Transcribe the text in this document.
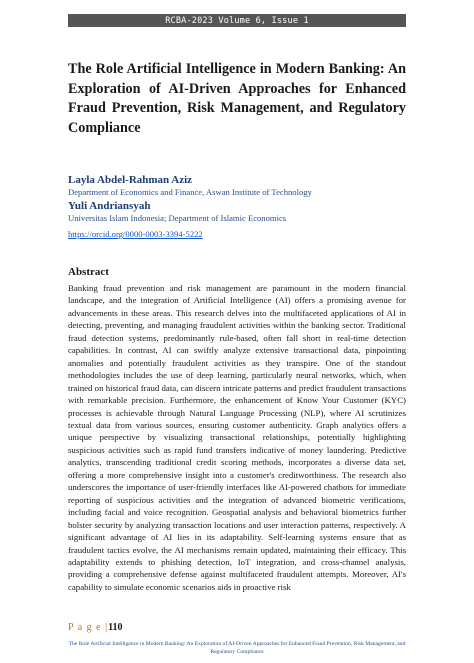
RCBA-2023 Volume 6, Issue 1
The Role Artificial Intelligence in Modern Banking: An Exploration of AI-Driven Approaches for Enhanced Fraud Prevention, Risk Management, and Regulatory Compliance
Layla Abdel-Rahman Aziz
Department of Economics and Finance, Aswan Institute of Technology
Yuli Andriansyah
Universitas Islam Indonesia; Department of Islamic Economics
https://orcid.org/0000-0003-3394-5222
Abstract

Banking fraud prevention and risk management are paramount in the modern financial landscape, and the integration of Artificial Intelligence (AI) offers a promising avenue for advancements in these areas. This research delves into the multifaceted applications of AI in detecting, preventing, and managing fraudulent activities within the banking sector. Traditional fraud detection systems, predominantly rule-based, often fall short in real-time detection capabilities. In contrast, AI can swiftly analyze extensive transactional data, pinpointing anomalies and potentially fraudulent activities as they transpire. One of the standout methodologies includes the use of deep learning, particularly neural networks, which, when trained on historical fraud data, can discern intricate patterns and predict fraudulent transactions with remarkable precision. Furthermore, the enhancement of Know Your Customer (KYC) processes is achievable through Natural Language Processing (NLP), where AI scrutinizes textual data from various sources, ensuring customer authenticity. Graph analytics offers a unique perspective by visualizing transactional relationships, potentially highlighting suspicious activities such as rapid fund transfers indicative of money laundering. Predictive analytics, transcending traditional credit scoring methods, incorporates a diverse data set, offering a more comprehensive insight into a customer's creditworthiness. The research also underscores the importance of user-friendly interfaces like AI-powered chatbots for immediate reporting of suspicious activities and the integration of advanced biometric verifications, including facial and voice recognition. Geospatial analysis and behavioral biometrics further bolster security by analyzing transaction locations and user interaction patterns, respectively. A significant advantage of AI lies in its adaptability. Self-learning systems ensure that as fraudulent tactics evolve, the AI mechanisms remain updated, maintaining their efficacy. This adaptability extends to phishing detection, IoT integration, and cross-channel analysis, providing a comprehensive defense against multifaceted fraudulent attempts. Moreover, AI's capability to simulate economic scenarios aids in proactive risk

P a g e |110
The Role Artificial Intelligence in Modern Banking: An Exploration of AI-Driven Approaches for Enhanced Fraud Prevention, Risk Management, and Regulatory Compliance
